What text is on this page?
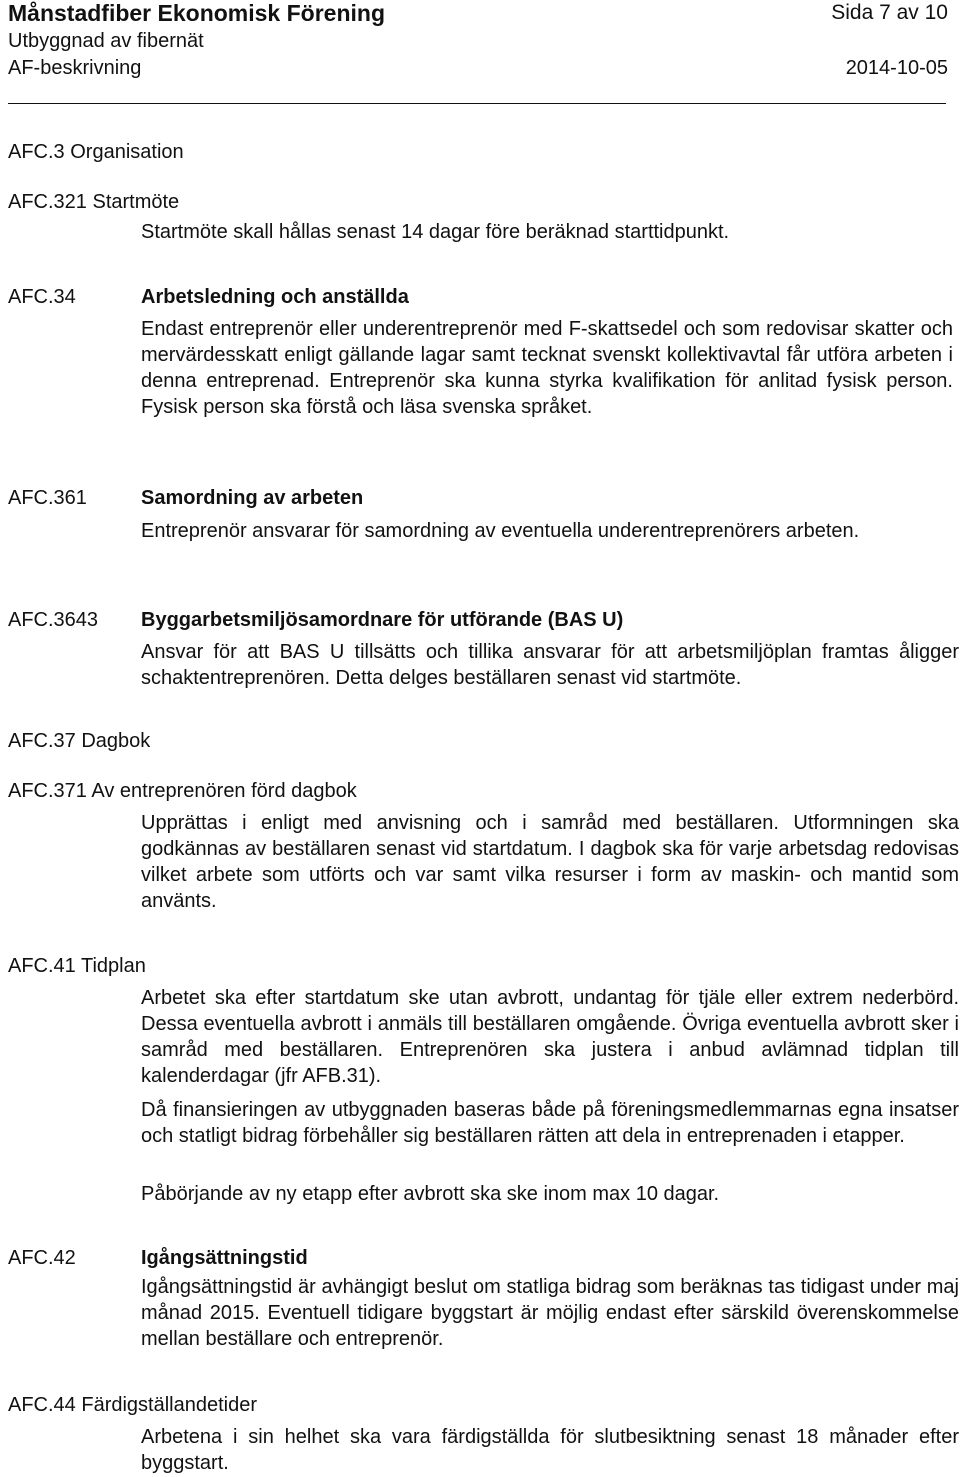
Månstadfiber Ekonomisk Förening	Sida 7 av 10
Utbyggnad av fibernät
AF-beskrivning	2014-10-05
AFC.3 Organisation
AFC.321 Startmöte
Startmöte skall hållas senast 14 dagar före beräknad starttidpunkt.
AFC.34	Arbetsledning och anställda
Endast entreprenör eller underentreprenör med F-skattsedel och som redovisar skatter och mervärdesskatt enligt gällande lagar samt tecknat svenskt kollektivavtal får utföra arbeten i denna entreprenad. Entreprenör ska kunna styrka kvalifikation för anlitad fysisk person. Fysisk person ska förstå och läsa svenska språket.
AFC.361	Samordning av arbeten
Entreprenör ansvarar för samordning av eventuella underentreprenörers arbeten.
AFC.3643 Byggarbetsmiljösamordnare för utförande (BAS U)
Ansvar för att BAS U tillsätts och tillika ansvarar för att arbetsmiljöplan framtas åligger schaktentreprenören. Detta delges beställaren senast vid startmöte.
AFC.37 Dagbok
AFC.371 Av entreprenören förd dagbok
Upprättas i enligt med anvisning och i samråd med beställaren. Utformningen ska godkännas av beställaren senast vid startdatum. I dagbok ska för varje arbetsdag redovisas vilket arbete som utförts och var samt vilka resurser i form av maskin- och mantid som använts.
AFC.41 Tidplan
Arbetet ska efter startdatum ske utan avbrott, undantag för tjäle eller extrem nederbörd. Dessa eventuella avbrott i anmäls till beställaren omgående. Övriga eventuella avbrott sker i samråd med beställaren. Entreprenören ska justera i anbud avlämnad tidplan till kalenderdagar (jfr AFB.31).
Då finansieringen av utbyggnaden baseras både på föreningsmedlemmarnas egna insatser och statligt bidrag förbehåller sig beställaren rätten att dela in entreprenaden i etapper.
Påbörjande av ny etapp efter avbrott ska ske inom max 10 dagar.
AFC.42	Igångsättningstid
Igångsättningstid är avhängigt beslut om statliga bidrag som beräknas tas tidigast under maj månad 2015. Eventuell tidigare byggstart är möjlig endast efter särskild överenskommelse mellan beställare och entreprenör.
AFC.44 Färdigställandetider
Arbetena i sin helhet ska vara färdigställda för slutbesiktning senast 18 månader efter byggstart.
